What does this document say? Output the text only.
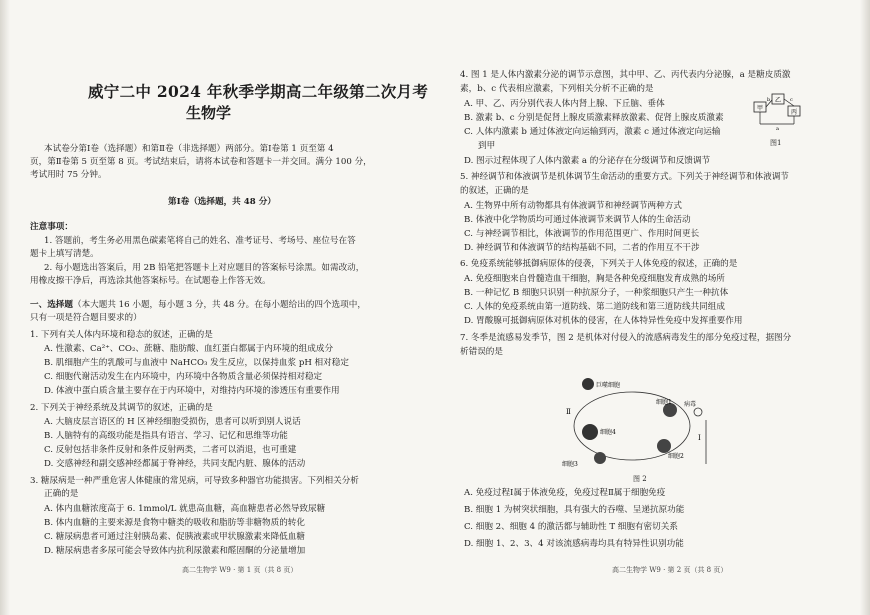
威宁二中 2024 年秋季学期高二年级第二次月考
生物学
本试卷分第Ⅰ卷（选择题）和第Ⅱ卷（非选择题）两部分。第Ⅰ卷第 1 页至第 4
页，第Ⅱ卷第 5 页至第 8 页。考试结束后，请将本试卷和答题卡一并交回。满分 100 分，
考试用时 75 分钟。
第Ⅰ卷（选择题，共 48 分）
注意事项：
1. 答题前，考生务必用黑色碳素笔将自己的姓名、准考证号、考场号、座位号在答
题卡上填写清楚。
2. 每小题选出答案后，用 2B 铅笔把答题卡上对应题目的答案标号涂黑。如需改动，
用橡皮擦干净后，再选涂其他答案标号。在试题卷上作答无效。
一、选择题（本大题共 16 小题，每小题 3 分，共 48 分。在每小题给出的四个选项中，
只有一项是符合题目要求的）
1. 下列有关人体内环境和稳态的叙述，正确的是
A. 性激素、Ca²⁺、CO₂、蔗糖、脂肪酸、血红蛋白都属于内环境的组成成分
B. 肌细胞产生的乳酸可与血液中 NaHCO₃ 发生反应，以保持血浆 pH 相对稳定
C. 细胞代谢活动发生在内环境中，内环境中各物质含量必须保持相对稳定
D. 体液中蛋白质含量主要存在于内环境中，对维持内环境的渗透压有重要作用
2. 下列关于神经系统及其调节的叙述，正确的是
A. 大脑皮层言语区的 H 区神经细胞受损伤，患者可以听到别人说话
B. 人脑特有的高级功能是指具有语言、学习、记忆和思维等功能
C. 反射包括非条件反射和条件反射两类，二者可以消退，也可重建
D. 交感神经和副交感神经都属于脊神经，共同支配内脏、腺体的活动
3. 糖尿病是一种严重危害人体健康的常见病，可导致多种器官功能损害。下列相关分析
正确的是
A. 体内血糖浓度高于 6. 1mmol/L 就患高血糖，高血糖患者必然导致尿糖
B. 体内血糖的主要来源是食物中糖类的吸收和脂肪等非糖物质的转化
C. 糖尿病患者可通过注射胰岛素、促胰液素或甲状腺激素来降低血糖
D. 糖尿病患者多尿可能会导致体内抗利尿激素和醛固酮的分泌量增加
高二生物学 W9 · 第 1 页（共 8 页）
4. 图 1 是人体内激素分泌的调节示意图，其中甲、乙、丙代表内分泌腺，a 是糖皮质激
素，b、c 代表相应激素，下列相关分析不正确的是
A. 甲、乙、丙分别代表人体内肾上腺、下丘脑、垂体
B. 激素 b、c 分别是促肾上腺皮质激素释放激素、促肾上腺皮质激素
C. 人体内激素 b 通过体液定向运输到丙，激素 c 通过体液定向运输
到甲
D. 图示过程体现了人体内激素 a 的分泌存在分级调节和反馈调节
5. 神经调节和体液调节是机体调节生命活动的重要方式。下列关于神经调节和体液调节
的叙述，正确的是
A. 生物界中所有动物都具有体液调节和神经调节两种方式
B. 体液中化学物质均可通过体液调节来调节人体的生命活动
C. 与神经调节相比，体液调节的作用范围更广、作用时间更长
D. 神经调节和体液调节的结构基础不同，二者的作用互不干涉
6. 免疫系统能够抵御病原体的侵袭，下列关于人体免疫的叙述，正确的是
A. 免疫细胞来自骨髓造血干细胞，胸是各种免疫细胞发育成熟的场所
B. 一种记忆 B 细胞只识别一种抗原分子，一种浆细胞只产生一种抗体
C. 人体的免疫系统由第一道防线、第二道防线和第三道防线共同组成
D. 胃酸腺可抵御病原体对机体的侵害，在人体特异性免疫中发挥重要作用
7. 冬季是流感易发季节，图 2 是机体对付侵入的流感病毒发生的部分免疫过程，据图分
析错误的是
A. 免疫过程Ⅰ属于体液免疫，免疫过程Ⅱ属于细胞免疫
B. 细胞 1 为树突状细胞，具有强大的吞噬、呈递抗原功能
C. 细胞 2、细胞 4 的激活都与辅助性 T 细胞有密切关系
D. 细胞 1、2、3、4 对该流感病毒均具有特异性识别功能
高二生物学 W9 · 第 2 页（共 8 页）
甲
乙
丙
a
b	c
图1
巨噬细胞
细胞1
细胞2
细胞3
细胞4
病毒
Ⅰ
Ⅱ
图 2
